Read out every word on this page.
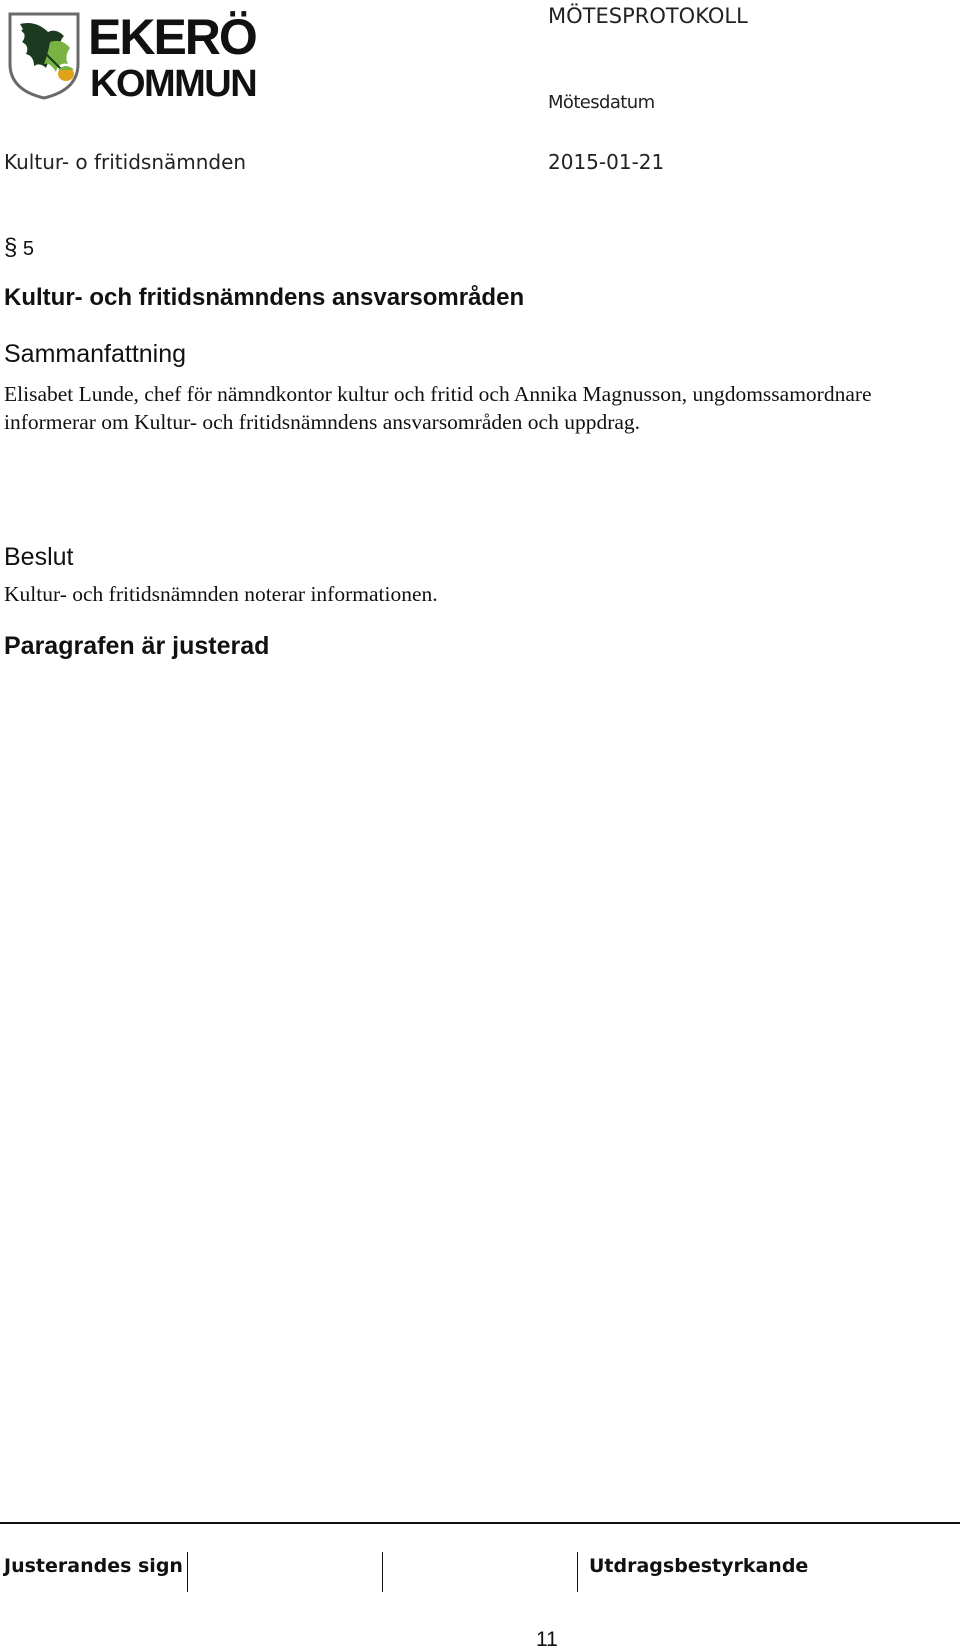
EKERÖ
KOMMUN
MÖTESPROTOKOLL
Mötesdatum
Kultur- o fritidsnämnden	2015-01-21
§ 5
Kultur- och fritidsnämndens ansvarsområden
Sammanfattning
Elisabet Lunde, chef för nämndkontor kultur och fritid och Annika Magnusson, ungdomssamordnare informerar om Kultur- och fritidsnämndens ansvarsområden och uppdrag.
Beslut
Kultur- och fritidsnämnden noterar informationen.
Paragrafen är justerad
Justerandes sign	Utdragsbestyrkande
11
